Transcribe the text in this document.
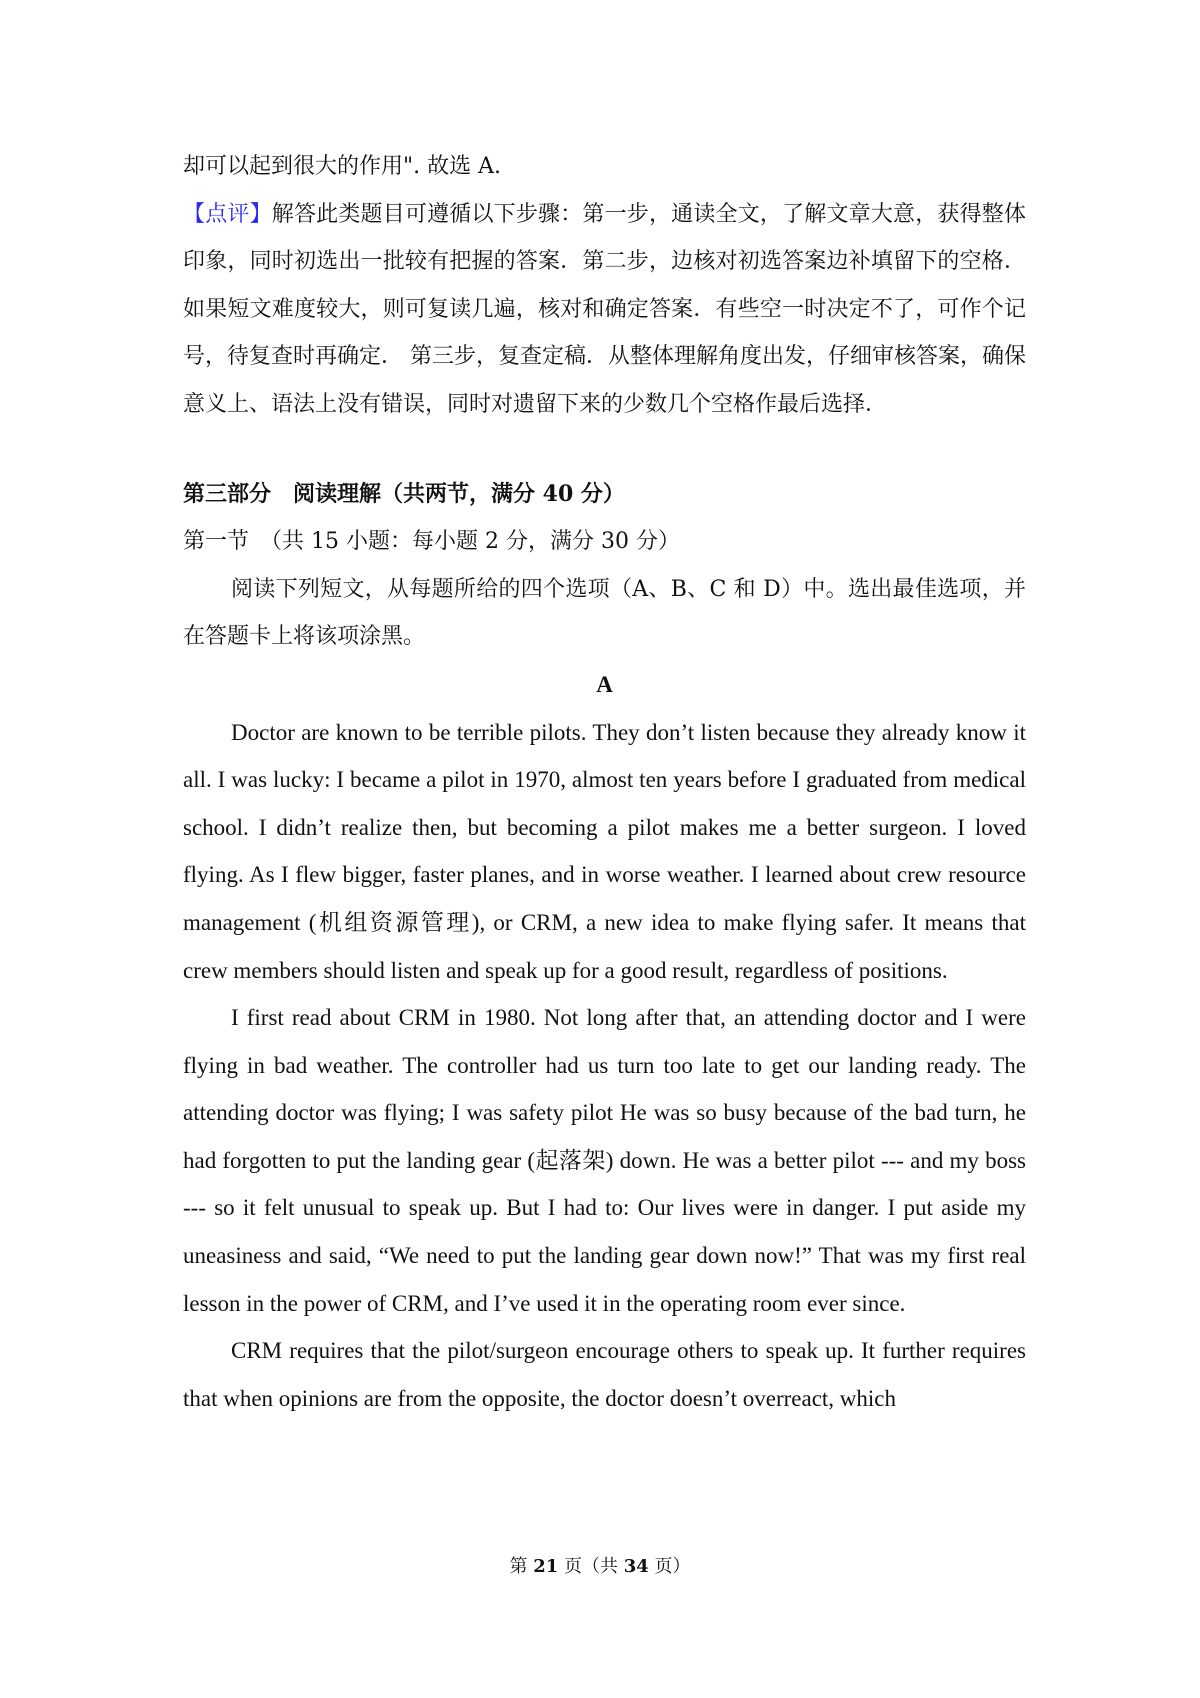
却可以起到很大的作用". 故选 A.

【点评】解答此类题目可遵循以下步骤：第一步，通读全文，了解文章大意，获得整体印象，同时初选出一批较有把握的答案．第二步，边核对初选答案边补填留下的空格．如果短文难度较大，则可复读几遍，核对和确定答案．有些空一时决定不了，可作个记号，待复查时再确定． 第三步，复查定稿．从整体理解角度出发，仔细审核答案，确保意义上、语法上没有错误，同时对遗留下来的少数几个空格作最后选择．

第三部分　阅读理解（共两节，满分 40 分）

第一节　（共 15 小题：每小题 2 分，满分 30 分）

阅读下列短文，从每题所给的四个选项（A、B、C 和 D）中。选出最佳选项，并在答题卡上将该项涂黑。

A

Doctor are known to be terrible pilots. They don’t listen because they already know it all. I was lucky: I became a pilot in 1970, almost ten years before I graduated from medical school. I didn’t realize then, but becoming a pilot makes me a better surgeon. I loved flying. As I flew bigger, faster planes, and in worse weather. I learned about crew resource management (机组资源管理), or CRM, a new idea to make flying safer. It means that crew members should listen and speak up for a good result, regardless of positions.

I first read about CRM in 1980. Not long after that, an attending doctor and I were flying in bad weather. The controller had us turn too late to get our landing ready. The attending doctor was flying; I was safety pilot He was so busy because of the bad turn, he had forgotten to put the landing gear (起落架) down. He was a better pilot --- and my boss --- so it felt unusual to speak up. But I had to: Our lives were in danger. I put aside my uneasiness and said, “We need to put the landing gear down now!” That was my first real lesson in the power of CRM, and I’ve used it in the operating room ever since.

CRM requires that the pilot/surgeon encourage others to speak up. It further requires that when opinions are from the opposite, the doctor doesn’t overreact, which

第 21 页（共 34 页）
